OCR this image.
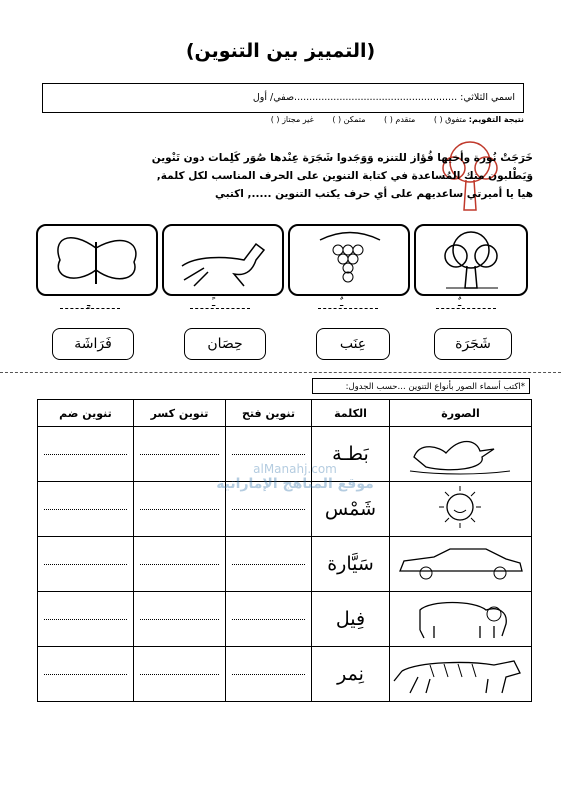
(التمييز بين التنوين)
اسمي الثلاثي: ......................................................صفي/ أول
نتيجة التقويم: متفوق ( ) متقدم ( ) متمكن ( ) غير مجتاز ( )
خَرَجَتْ نُورة وأخيها فُؤاز للتنزه وَوَجَدوا شَجَرَة عِنْدها صُوَر كَلِمات دون تَنْوين
وَيَطْلبون منك المُساعدة في كتابة التنوين على الحرف المناسب لكل كلمة,
هيا يا أميرتي ساعديهم على أي حرف يكتب التنوين ....., اكتبي
ـٍ	ـً	ـٌ	ـٌ
فَرَاشَة	حِصَان	عِنَب	شَجَرَة
*اكتب أسماء الصور بأنواع التنوين ...حسب الجدول:
تنوين ضم	تنوين كسر	تنوين فتح	الكلمة	الصورة

	بَطـة	

	شَمْس	

	سَيَّارة	

	فِيل	

	نِمر	
alManahj.com
موقع المناهج الإماراتية
